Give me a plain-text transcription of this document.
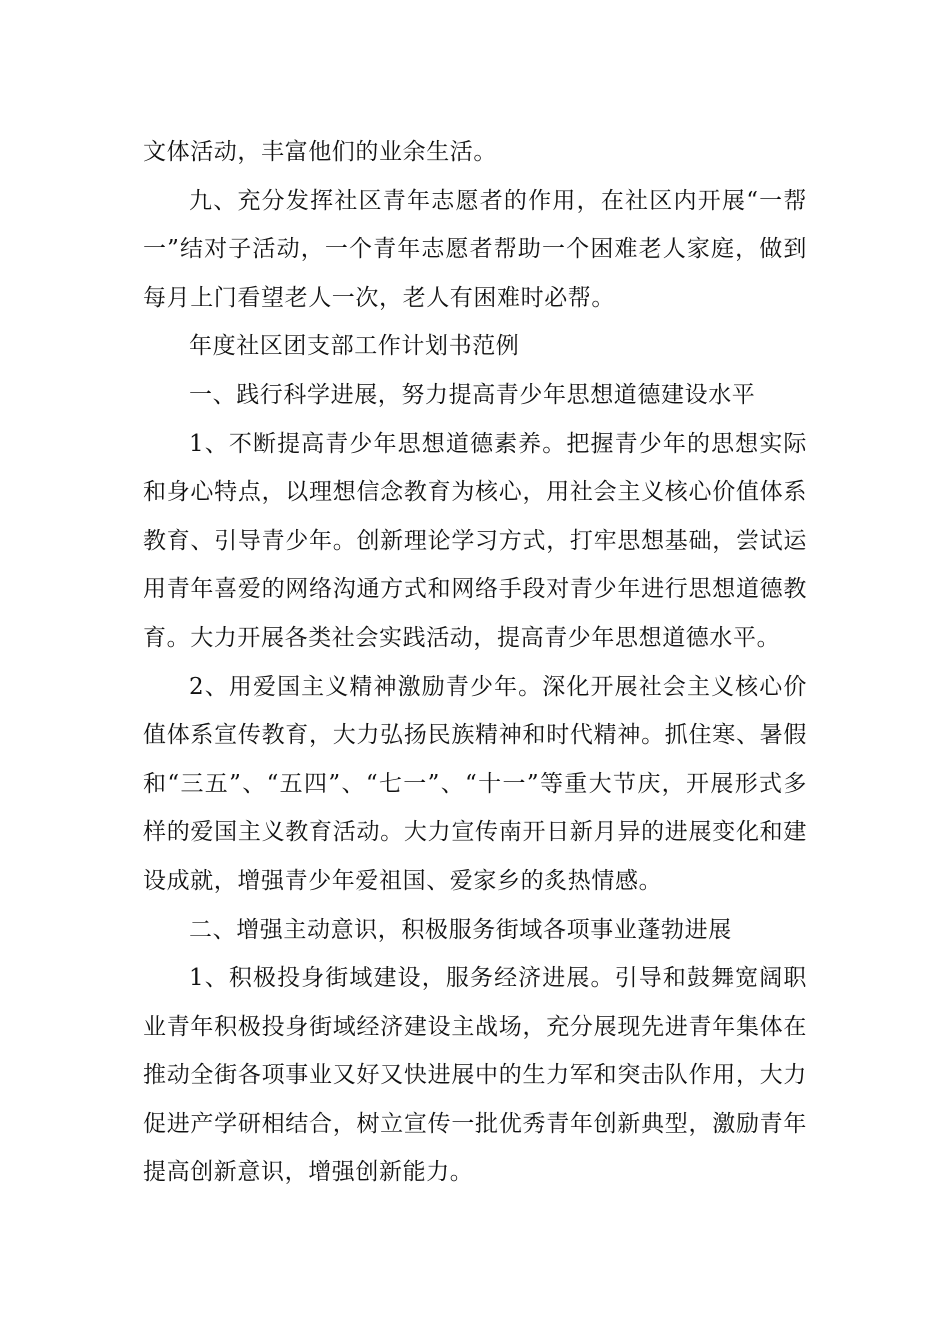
文体活动，丰富他们的业余生活。

九、充分发挥社区青年志愿者的作用，在社区内开展“一帮一”结对子活动，一个青年志愿者帮助一个困难老人家庭，做到每月上门看望老人一次，老人有困难时必帮。

年度社区团支部工作计划书范例

一、践行科学进展，努力提高青少年思想道德建设水平

1、不断提高青少年思想道德素养。把握青少年的思想实际和身心特点，以理想信念教育为核心，用社会主义核心价值体系教育、引导青少年。创新理论学习方式，打牢思想基础，尝试运用青年喜爱的网络沟通方式和网络手段对青少年进行思想道德教育。大力开展各类社会实践活动，提高青少年思想道德水平。

2、用爱国主义精神激励青少年。深化开展社会主义核心价值体系宣传教育，大力弘扬民族精神和时代精神。抓住寒、暑假和“三五”、“五四”、“七一”、“十一”等重大节庆，开展形式多样的爱国主义教育活动。大力宣传南开日新月异的进展变化和建设成就，增强青少年爱祖国、爱家乡的炙热情感。

二、增强主动意识，积极服务街域各项事业蓬勃进展

1、积极投身街域建设，服务经济进展。引导和鼓舞宽阔职业青年积极投身街域经济建设主战场，充分展现先进青年集体在推动全街各项事业又好又快进展中的生力军和突击队作用，大力促进产学研相结合，树立宣传一批优秀青年创新典型，激励青年提高创新意识，增强创新能力。
